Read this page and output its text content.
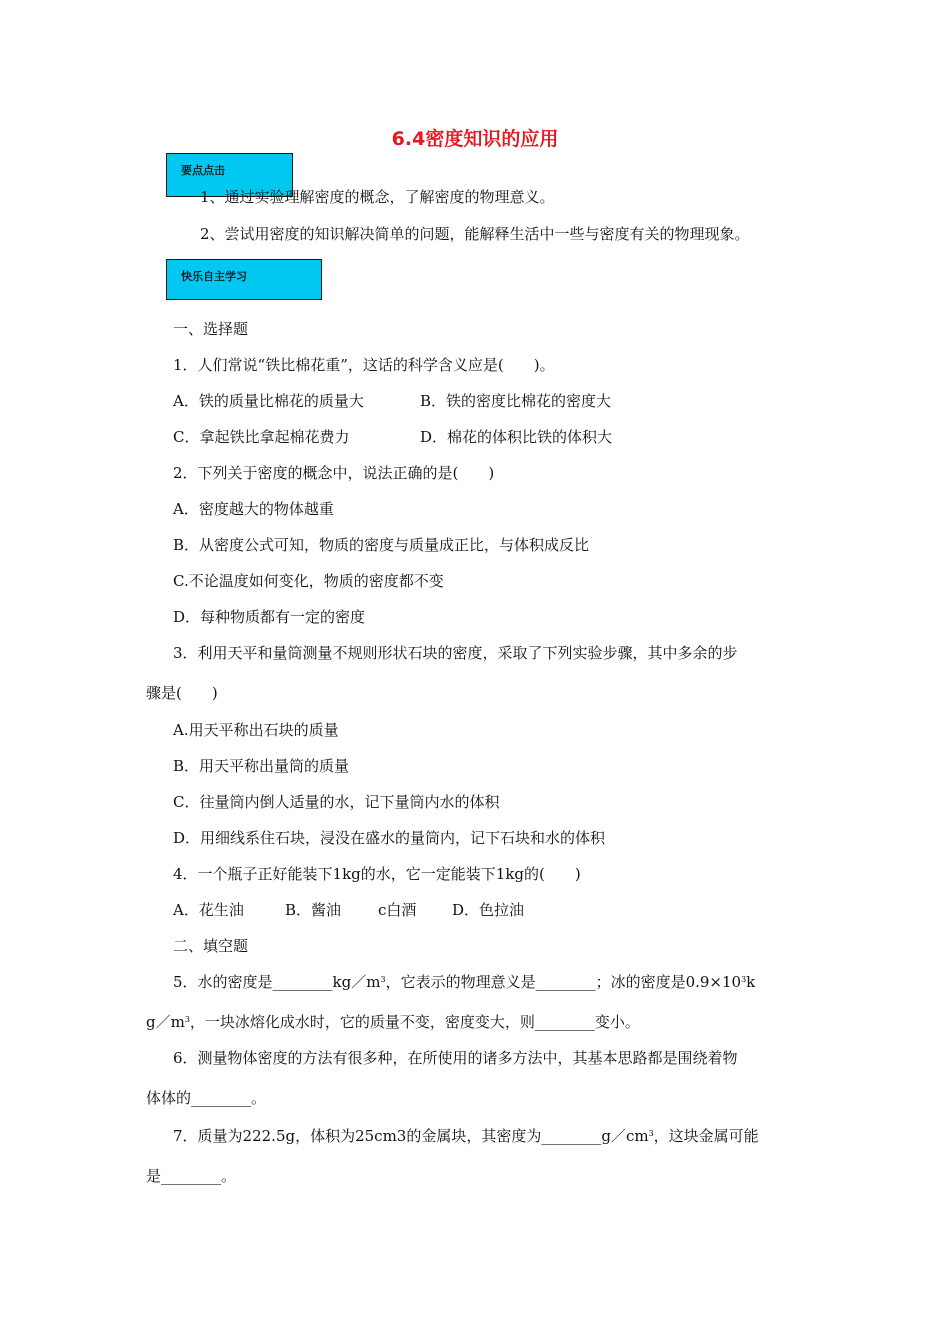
6.4密度知识的应用
要点点击
1、通过实验理解密度的概念，了解密度的物理意义。
2、尝试用密度的知识解决简单的问题，能解释生活中一些与密度有关的物理现象。
快乐自主学习
一、选择题
1．人们常说“铁比棉花重”，这话的科学含义应是(　　)。
A．铁的质量比棉花的质量大	B．铁的密度比棉花的密度大
C．拿起铁比拿起棉花费力	D．棉花的体积比铁的体积大
2．下列关于密度的概念中，说法正确的是(　　)
A．密度越大的物体越重
B．从密度公式可知，物质的密度与质量成正比，与体积成反比
C.不论温度如何变化，物质的密度都不变
D．每种物质都有一定的密度
3．利用天平和量筒测量不规则形状石块的密度，采取了下列实验步骤，其中多余的步
骤是(　　)
A.用天平称出石块的质量
B．用天平称出量筒的质量
C．往量筒内倒人适量的水，记下量筒内水的体积
D．用细线系住石块，浸没在盛水的量筒内，记下石块和水的体积
4．一个瓶子正好能装下1kg的水，它一定能装下1kg的(　　)
A．花生油	B．酱油 c白酒 D．色拉油
二、填空题
5．水的密度是$\_\_\_\_\_\_\_\_kg/m^3$，它表示的物理意义是________；冰的密度是$0.9\times 10^3k$
$g/m^3$，一块冰熔化成水时，它的质量不变，密度变大，则________变小。
6．测量物体密度的方法有很多种，在所使用的诸多方法中，其基本思路都是围绕着物
体体的________。
7．质量为222.5g，体积为25cm3的金属块，其密度为$\_\_\_\_\_\_\_\_g/cm^3$，这块金属可能
是________。
